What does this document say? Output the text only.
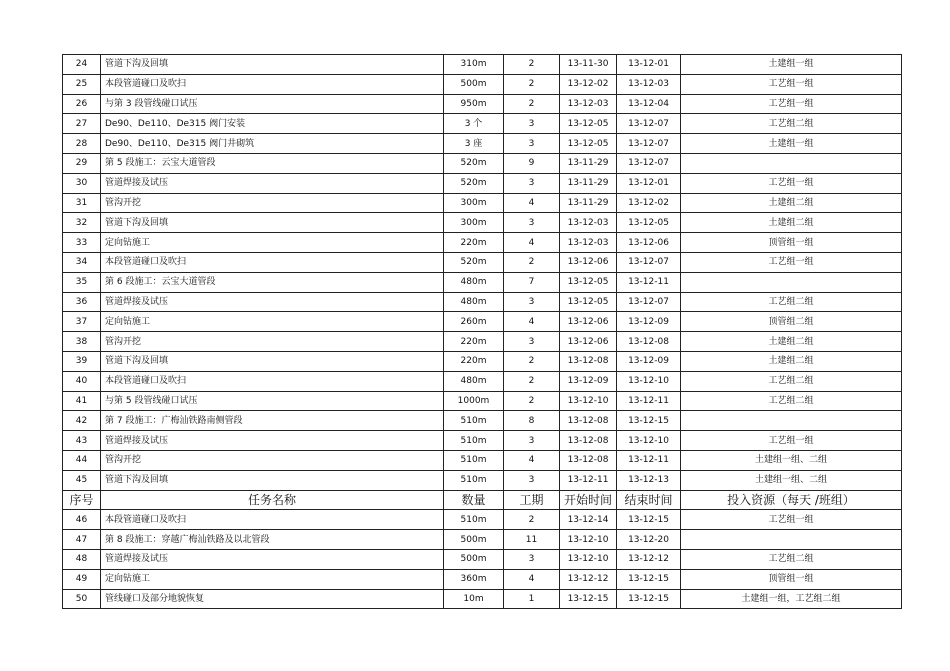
24	管道下沟及回填	310m	2	13-11-30	13-12-01	土建组一组
25	本段管道碰口及吹扫	500m	2	13-12-02	13-12-03	工艺组一组
26	与第 3 段管线碰口试压	950m	2	13-12-03	13-12-04	工艺组一组
27	De90、De110、De315 阀门安装	3 个	3	13-12-05	13-12-07	工艺组二组
28	De90、De110、De315 阀门井砌筑	3 座	3	13-12-05	13-12-07	土建组一组
29	第 5 段施工：云宝大道管段	520m	9	13-11-29	13-12-07	
30	管道焊接及试压	520m	3	13-11-29	13-12-01	工艺组一组
31	管沟开挖	300m	4	13-11-29	13-12-02	土建组二组
32	管道下沟及回填	300m	3	13-12-03	13-12-05	土建组二组
33	定向钻施工	220m	4	13-12-03	13-12-06	顶管组一组
34	本段管道碰口及吹扫	520m	2	13-12-06	13-12-07	工艺组一组
35	第 6 段施工：云宝大道管段	480m	7	13-12-05	13-12-11	
36	管道焊接及试压	480m	3	13-12-05	13-12-07	工艺组二组
37	定向钻施工	260m	4	13-12-06	13-12-09	顶管组二组
38	管沟开挖	220m	3	13-12-06	13-12-08	土建组二组
39	管道下沟及回填	220m	2	13-12-08	13-12-09	土建组二组
40	本段管道碰口及吹扫	480m	2	13-12-09	13-12-10	工艺组二组
41	与第 5 段管线碰口试压	1000m	2	13-12-10	13-12-11	工艺组二组
42	第 7 段施工：广梅汕铁路南侧管段	510m	8	13-12-08	13-12-15	
43	管道焊接及试压	510m	3	13-12-08	13-12-10	工艺组一组
44	管沟开挖	510m	4	13-12-08	13-12-11	土建组一组、二组
45	管道下沟及回填	510m	3	13-12-11	13-12-13	土建组一组、二组
序号	任务名称	数量	工期	开始时间	结束时间	投入资源（每天 /班组）
46	本段管道碰口及吹扫	510m	2	13-12-14	13-12-15	工艺组一组
47	第 8 段施工：穿越广梅汕铁路及以北管段	500m	11	13-12-10	13-12-20	
48	管道焊接及试压	500m	3	13-12-10	13-12-12	工艺组二组
49	定向钻施工	360m	4	13-12-12	13-12-15	顶管组一组
50	管线碰口及部分地貌恢复	10m	1	13-12-15	13-12-15	土建组一组，工艺组二组
